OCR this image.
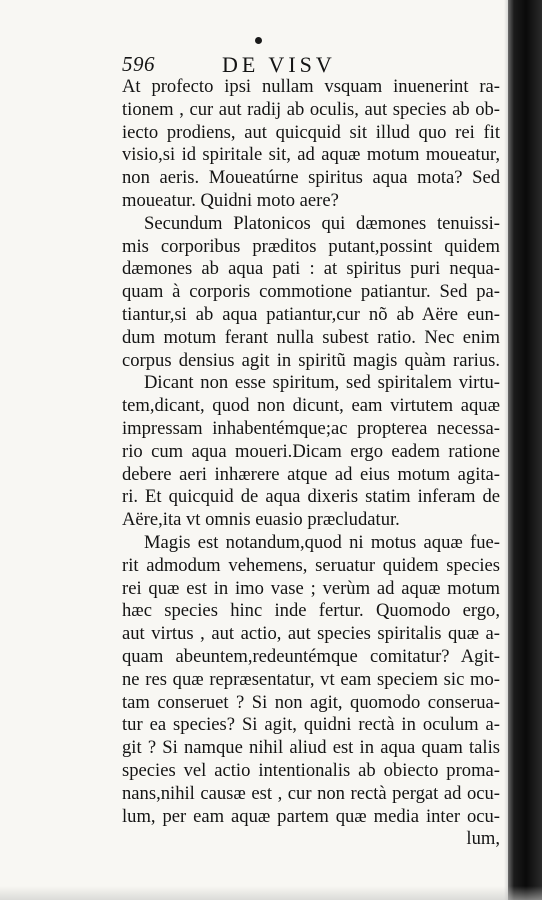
596	DE VISV
At profecto ipsi nullam vsquam inuenerint ra-
tionem , cur aut radij ab oculis, aut species ab ob-
iecto prodiens, aut quicquid sit illud quo rei fit
visio,si id spiritale sit, ad aquæ motum moueatur,
non aeris. Moueatúrne spiritus aqua mota? Sed
moueatur. Quidni moto aere?
Secundum Platonicos qui dæmones tenuissi-
mis corporibus præditos putant,possint quidem
dæmones ab aqua pati : at spiritus puri nequa-
quam à corporis commotione patiantur. Sed pa-
tiantur,si ab aqua patiantur,cur nõ ab Aëre eun-
dum motum ferant nulla subest ratio. Nec enim
corpus densius agit in spiritũ magis quàm rarius.
Dicant non esse spiritum, sed spiritalem virtu-
tem,dicant, quod non dicunt, eam virtutem aquæ
impressam inhabentémque;ac propterea necessa-
rio cum aqua moueri.Dicam ergo eadem ratione
debere aeri inhærere atque ad eius motum agita-
ri. Et quicquid de aqua dixeris statim inferam de
Aëre,ita vt omnis euasio præcludatur.
Magis est notandum,quod ni motus aquæ fue-
rit admodum vehemens, seruatur quidem species
rei quæ est in imo vase ; verùm ad aquæ motum
hæc species hinc inde fertur. Quomodo ergo,
aut virtus , aut actio, aut species spiritalis quæ a-
quam abeuntem,redeuntémque comitatur? Agit-
ne res quæ repræsentatur, vt eam speciem sic mo-
tam conseruet ? Si non agit, quomodo conserua-
tur ea species? Si agit, quidni rectà in oculum a-
git ? Si namque nihil aliud est in aqua quam talis
species vel actio intentionalis ab obiecto proma-
nans,nihil causæ est , cur non rectà pergat ad ocu-
lum, per eam aquæ partem quæ media inter ocu-
lum,
